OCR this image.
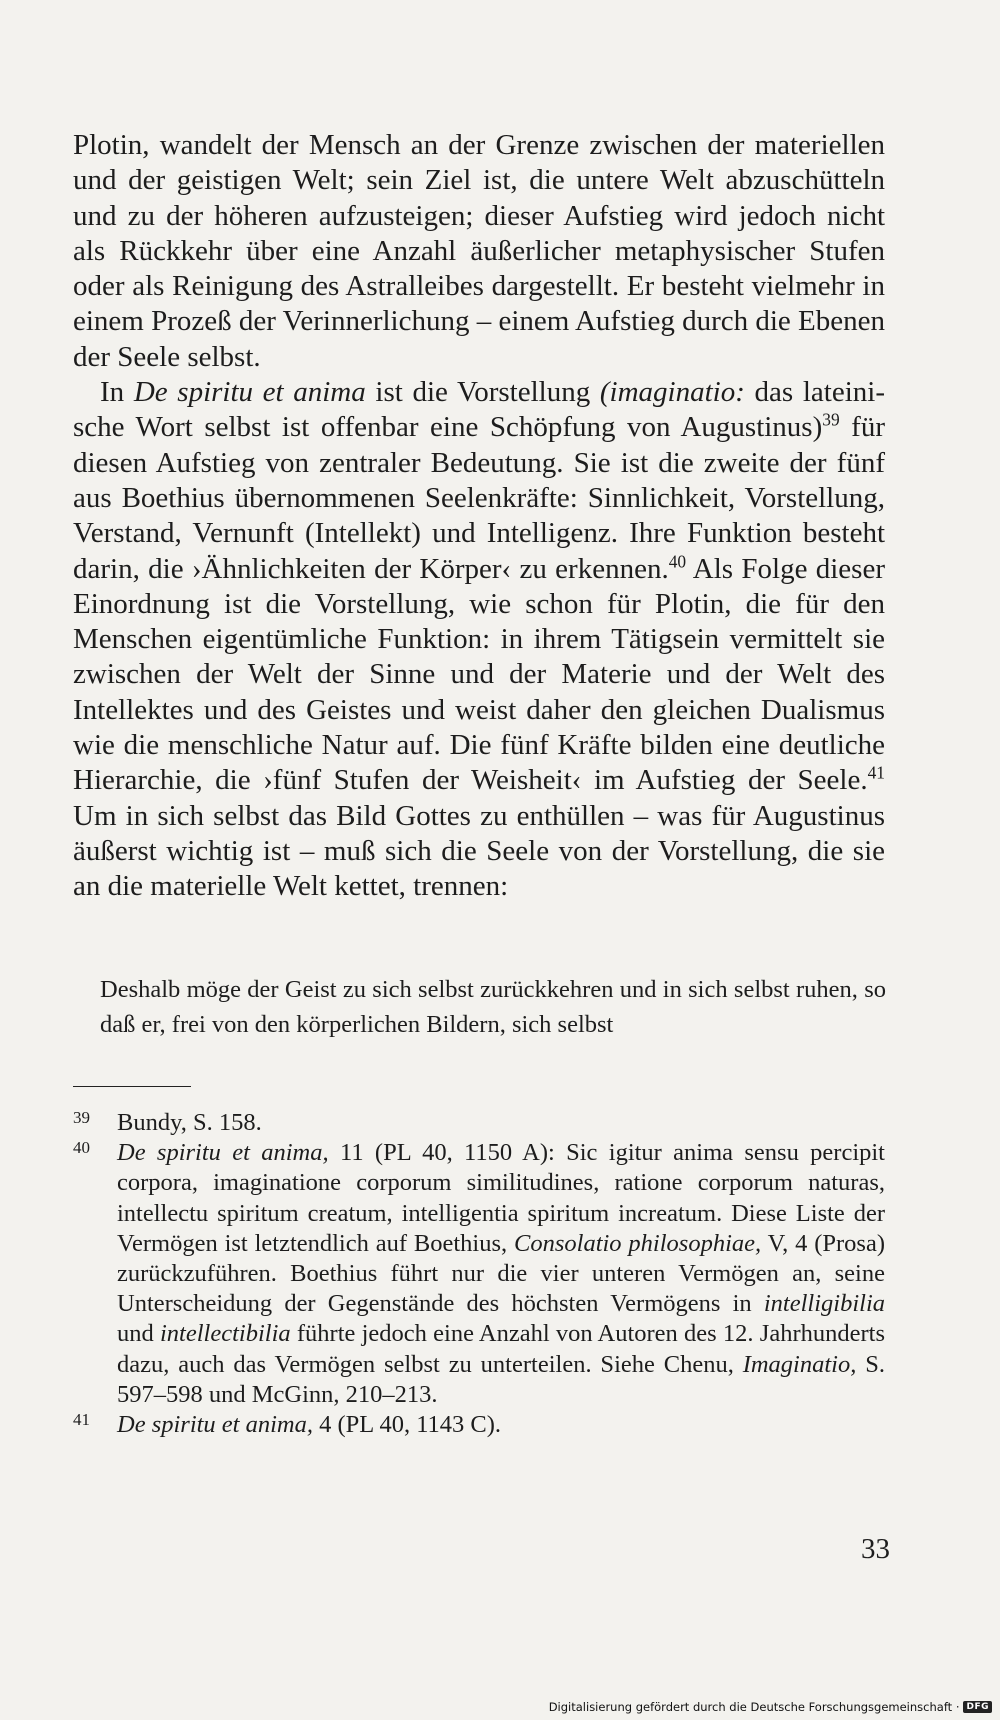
Plotin, wandelt der Mensch an der Grenze zwischen der materiellen und der geistigen Welt; sein Ziel ist, die untere Welt abzuschütteln und zu der höheren aufzusteigen; dieser Aufstieg wird jedoch nicht als Rückkehr über eine Anzahl äußerlicher metaphysischer Stufen oder als Reinigung des Astralleibes dargestellt. Er besteht vielmehr in einem Prozeß der Verinnerlichung – einem Aufstieg durch die Ebenen der Seele selbst.

In De spiritu et anima ist die Vorstellung (imaginatio: das lateinische Wort selbst ist offenbar eine Schöpfung von Augustinus)$^{39}$ für diesen Aufstieg von zentraler Bedeutung. Sie ist die zweite der fünf aus Boethius übernommenen Seelenkräfte: Sinnlichkeit, Vorstellung, Verstand, Vernunft (Intellekt) und Intelligenz. Ihre Funktion besteht darin, die ›Ähnlichkeiten der Körper‹ zu erkennen.$^{40}$ Als Folge dieser Einordnung ist die Vorstellung, wie schon für Plotin, die für den Menschen eigentümliche Funktion: in ihrem Tätigsein vermittelt sie zwischen der Welt der Sinne und der Materie und der Welt des Intellektes und des Geistes und weist daher den gleichen Dualismus wie die menschliche Natur auf. Die fünf Kräfte bilden eine deutliche Hierarchie, die ›fünf Stufen der Weisheit‹ im Aufstieg der Seele.$^{41}$ Um in sich selbst das Bild Gottes zu enthüllen – was für Augustinus äußerst wichtig ist – muß sich die Seele von der Vorstellung, die sie an die materielle Welt kettet, trennen:

Deshalb möge der Geist zu sich selbst zurückkehren und in sich selbst ruhen, so daß er, frei von den körperlichen Bildern, sich selbst
39 Bundy, S. 158.
40 De spiritu et anima, 11 (PL 40, 1150 A): Sic igitur anima sensu percipit corpora, imaginatione corporum similitudines, ratione corporum naturas, intellectu spiritum creatum, intelligentia spiritum increatum. Diese Liste der Vermögen ist letztendlich auf Boethius, Consolatio philosophiae, V, 4 (Prosa) zurückzuführen. Boethius führt nur die vier unteren Vermögen an, seine Unterscheidung der Gegenstände des höchsten Vermögens in intelligibilia und intellectibilia führte jedoch eine Anzahl von Autoren des 12. Jahrhunderts dazu, auch das Vermögen selbst zu unterteilen. Siehe Chenu, Imaginatio, S. 597–598 und McGinn, 210–213.
41 De spiritu et anima, 4 (PL 40, 1143 C).
33
Digitalisierung gefördert durch die Deutsche Forschungsgemeinschaft · DFG
